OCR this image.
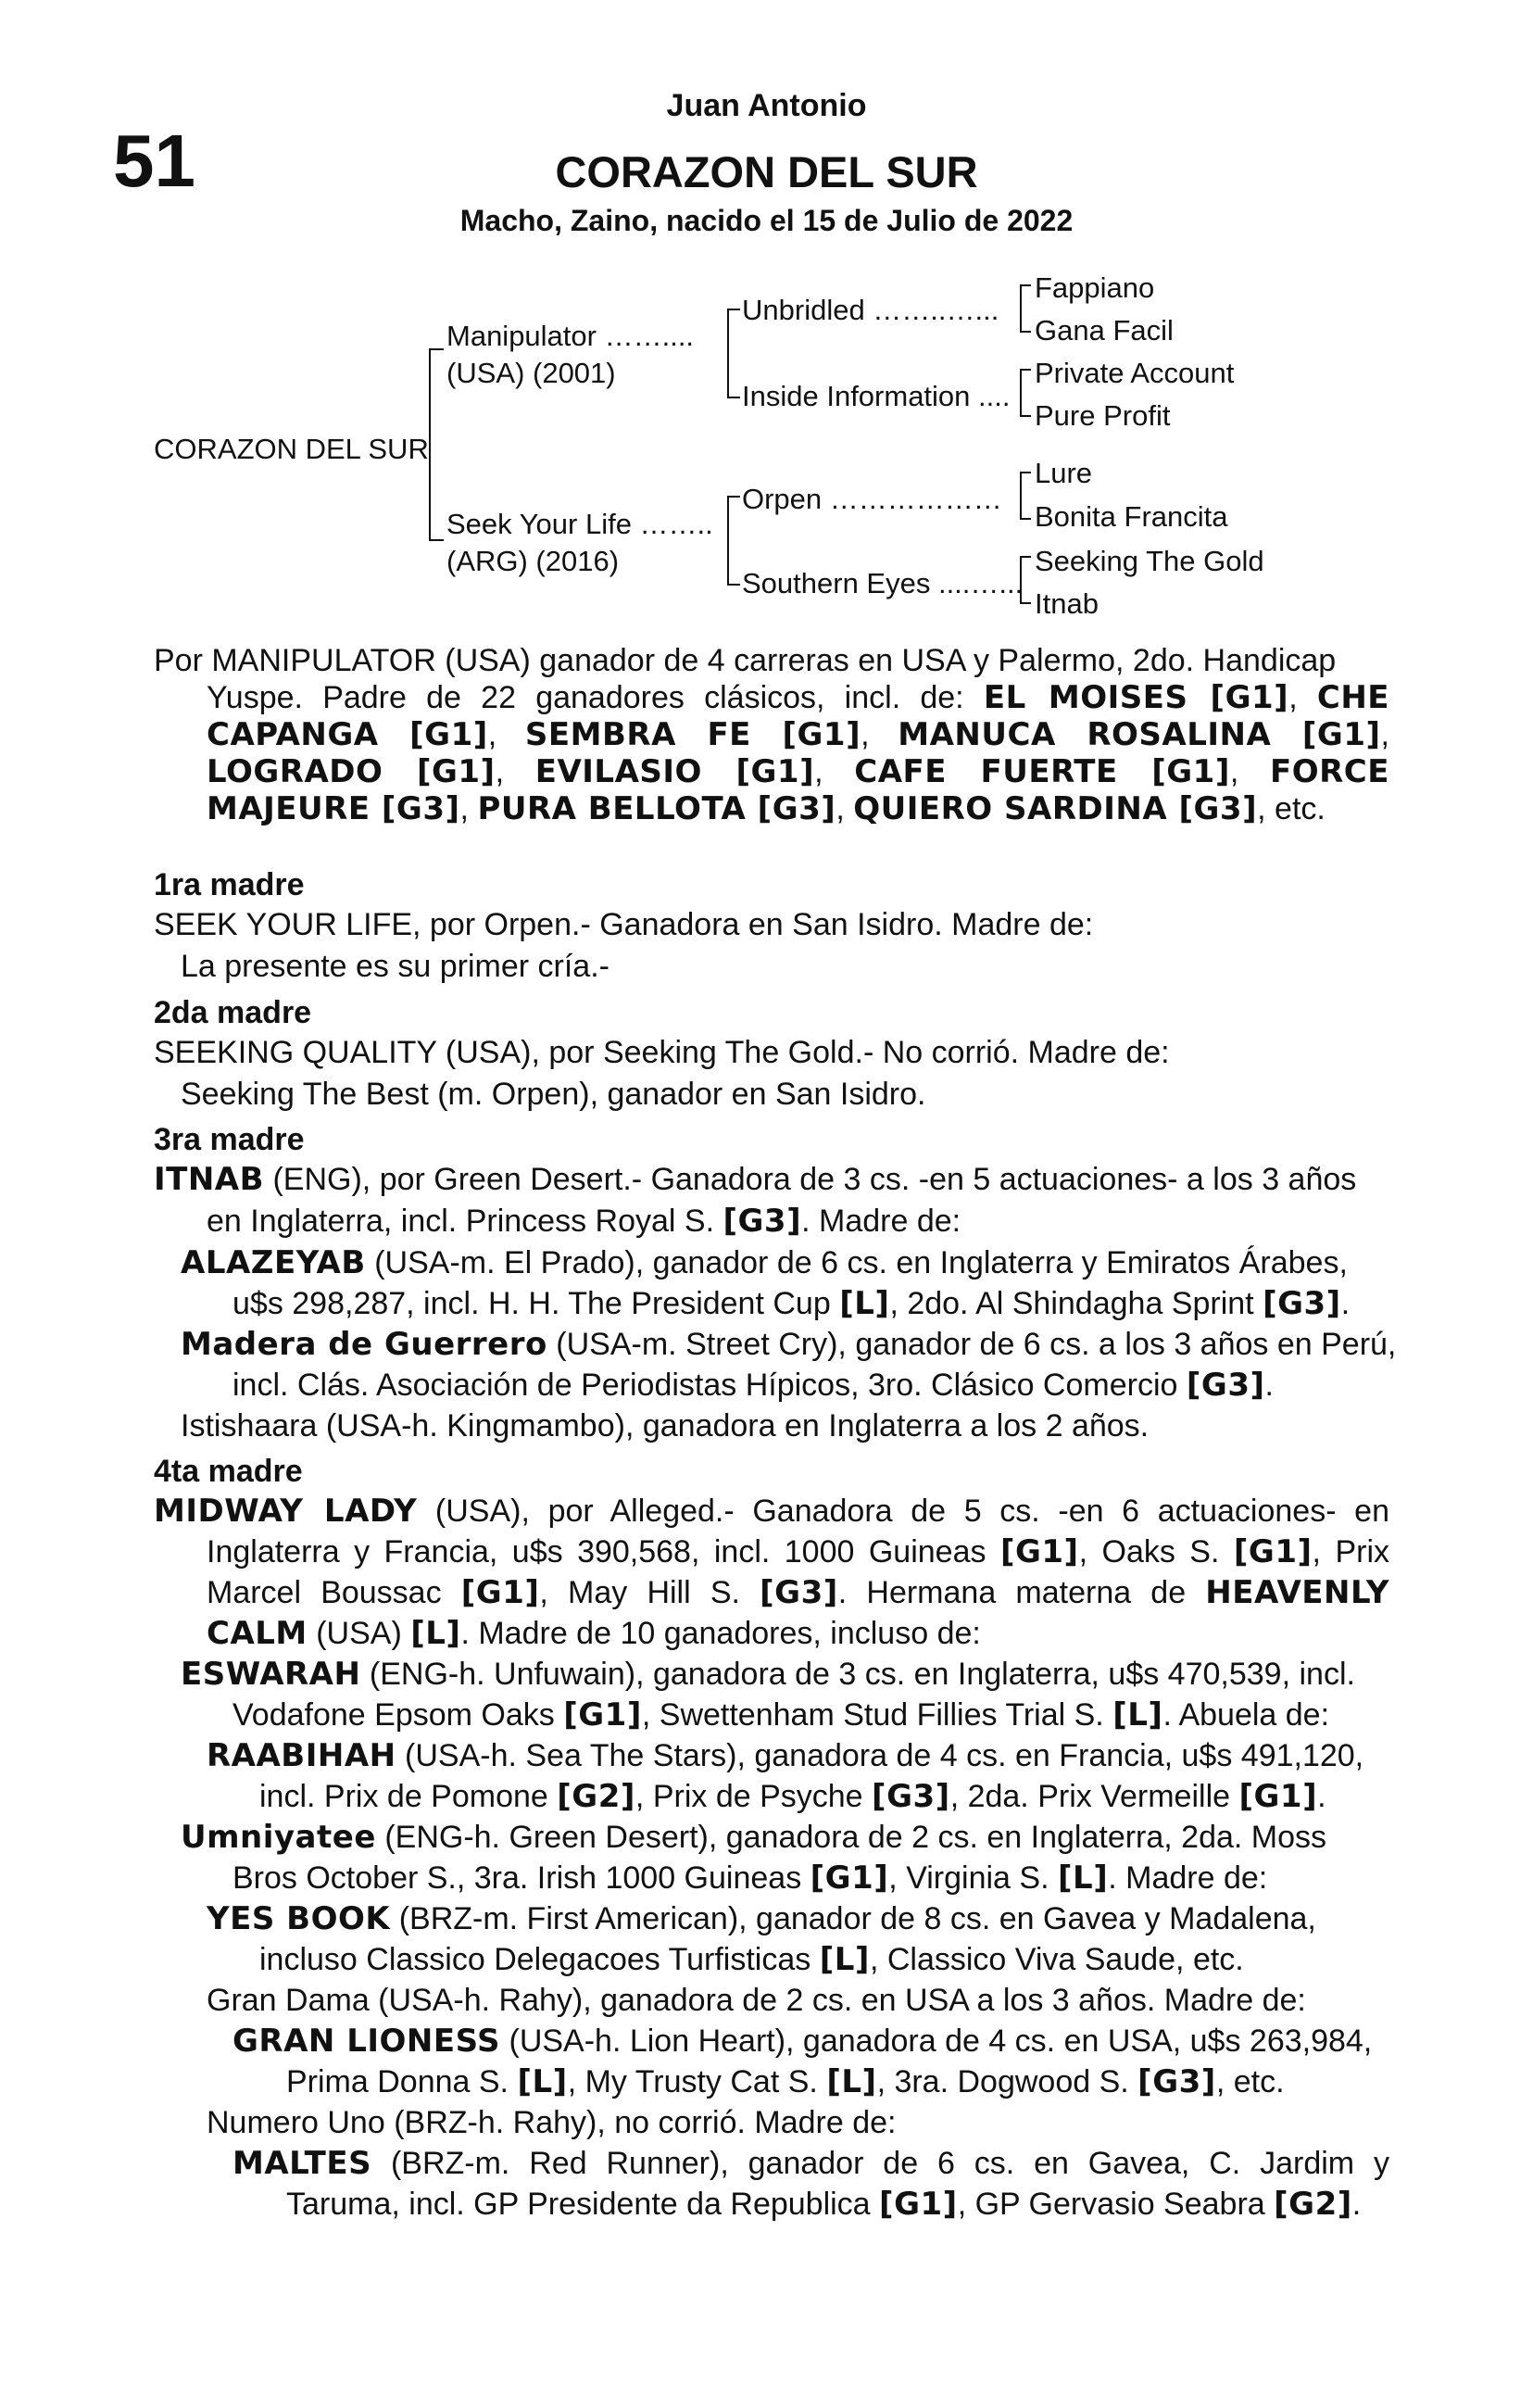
51
Juan Antonio
CORAZON DEL SUR
Macho, Zaino, nacido el 15 de Julio de 2022
CORAZON DEL SUR
Manipulator ……....
(USA) (2001)
Seek Your Life ……..
(ARG) (2016)
Unbridled ……..…...
Inside Information ....
Orpen ………………
Southern Eyes ....…...
Fappiano
Gana Facil
Private Account
Pure Profit
Lure
Bonita Francita
Seeking The Gold
Itnab
Por MANIPULATOR (USA) ganador de 4 carreras en USA y Palermo, 2do. Handicap
Yuspe. Padre de 22 ganadores clásicos, incl. de: EL MOISES [G1], CHE
CAPANGA [G1], SEMBRA FE [G1], MANUCA ROSALINA [G1],
LOGRADO [G1], EVILASIO [G1], CAFE FUERTE [G1], FORCE
MAJEURE [G3], PURA BELLOTA [G3], QUIERO SARDINA [G3], etc.
1ra madre
SEEK YOUR LIFE, por Orpen.- Ganadora en San Isidro. Madre de:
La presente es su primer cría.-
2da madre
SEEKING QUALITY (USA), por Seeking The Gold.- No corrió. Madre de:
Seeking The Best (m. Orpen), ganador en San Isidro.
3ra madre
ITNAB (ENG), por Green Desert.- Ganadora de 3 cs. -en 5 actuaciones- a los 3 años
en Inglaterra, incl. Princess Royal S. [G3]. Madre de:
ALAZEYAB (USA-m. El Prado), ganador de 6 cs. en Inglaterra y Emiratos Árabes,
u$s 298,287, incl. H. H. The President Cup [L], 2do. Al Shindagha Sprint [G3].
Madera de Guerrero (USA-m. Street Cry), ganador de 6 cs. a los 3 años en Perú,
incl. Clás. Asociación de Periodistas Hípicos, 3ro. Clásico Comercio [G3].
Istishaara (USA-h. Kingmambo), ganadora en Inglaterra a los 2 años.
4ta madre
MIDWAY LADY (USA), por Alleged.- Ganadora de 5 cs. -en 6 actuaciones- en
Inglaterra y Francia, u$s 390,568, incl. 1000 Guineas [G1], Oaks S. [G1], Prix
Marcel Boussac [G1], May Hill S. [G3]. Hermana materna de HEAVENLY
CALM (USA) [L]. Madre de 10 ganadores, incluso de:
ESWARAH (ENG-h. Unfuwain), ganadora de 3 cs. en Inglaterra, u$s 470,539, incl.
Vodafone Epsom Oaks [G1], Swettenham Stud Fillies Trial S. [L]. Abuela de:
RAABIHAH (USA-h. Sea The Stars), ganadora de 4 cs. en Francia, u$s 491,120,
incl. Prix de Pomone [G2], Prix de Psyche [G3], 2da. Prix Vermeille [G1].
Umniyatee (ENG-h. Green Desert), ganadora de 2 cs. en Inglaterra, 2da. Moss
Bros October S., 3ra. Irish 1000 Guineas [G1], Virginia S. [L]. Madre de:
YES BOOK (BRZ-m. First American), ganador de 8 cs. en Gavea y Madalena,
incluso Classico Delegacoes Turfisticas [L], Classico Viva Saude, etc.
Gran Dama (USA-h. Rahy), ganadora de 2 cs. en USA a los 3 años. Madre de:
GRAN LIONESS (USA-h. Lion Heart), ganadora de 4 cs. en USA, u$s 263,984,
Prima Donna S. [L], My Trusty Cat S. [L], 3ra. Dogwood S. [G3], etc.
Numero Uno (BRZ-h. Rahy), no corrió. Madre de:
MALTES (BRZ-m. Red Runner), ganador de 6 cs. en Gavea, C. Jardim y
Taruma, incl. GP Presidente da Republica [G1], GP Gervasio Seabra [G2].
